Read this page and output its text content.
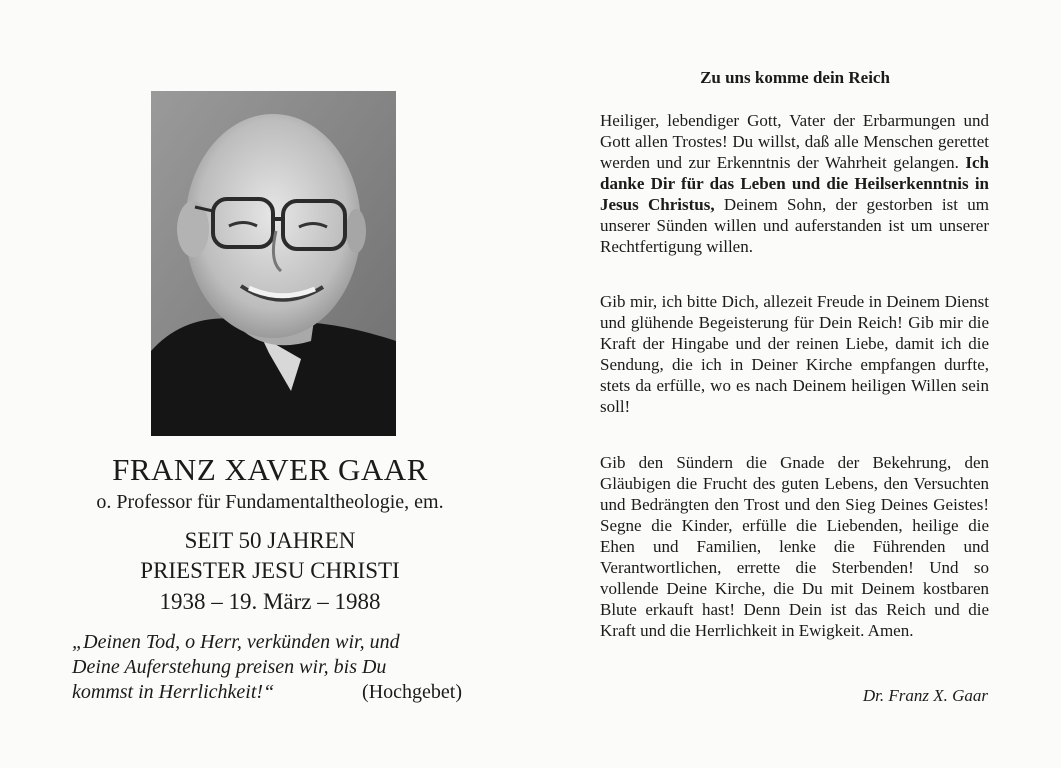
FRANZ XAVER GAAR
o. Professor für Fundamentaltheologie, em.
SEIT 50 JAHREN
PRIESTER JESU CHRISTI
1938 – 19. März – 1988
„Deinen Tod, o Herr, verkünden wir, und
Deine Auferstehung preisen wir, bis Du
kommst in Herrlichkeit!“	(Hochgebet)
Zu uns komme dein Reich

Heiliger, lebendiger Gott, Vater der Erbarmungen und Gott allen Trostes! Du willst, daß alle Menschen gerettet werden und zur Erkenntnis der Wahrheit gelangen. Ich danke Dir für das Leben und die Heilserkenntnis in Jesus Christus, Deinem Sohn, der gestorben ist um unserer Sünden willen und auferstanden ist um unserer Rechtfertigung willen.

Gib mir, ich bitte Dich, allezeit Freude in Deinem Dienst und glühende Begeisterung für Dein Reich! Gib mir die Kraft der Hingabe und der reinen Liebe, damit ich die Sendung, die ich in Deiner Kirche empfangen durfte, stets da erfülle, wo es nach Deinem heiligen Willen sein soll!

Gib den Sündern die Gnade der Bekehrung, den Gläubigen die Frucht des guten Lebens, den Versuchten und Bedrängten den Trost und den Sieg Deines Geistes! Segne die Kinder, erfülle die Liebenden, heilige die Ehen und Familien, lenke die Führenden und Verantwortlichen, errette die Sterbenden! Und so vollende Deine Kirche, die Du mit Deinem kostbaren Blute erkauft hast! Denn Dein ist das Reich und die Kraft und die Herrlichkeit in Ewigkeit. Amen.

Dr. Franz X. Gaar
